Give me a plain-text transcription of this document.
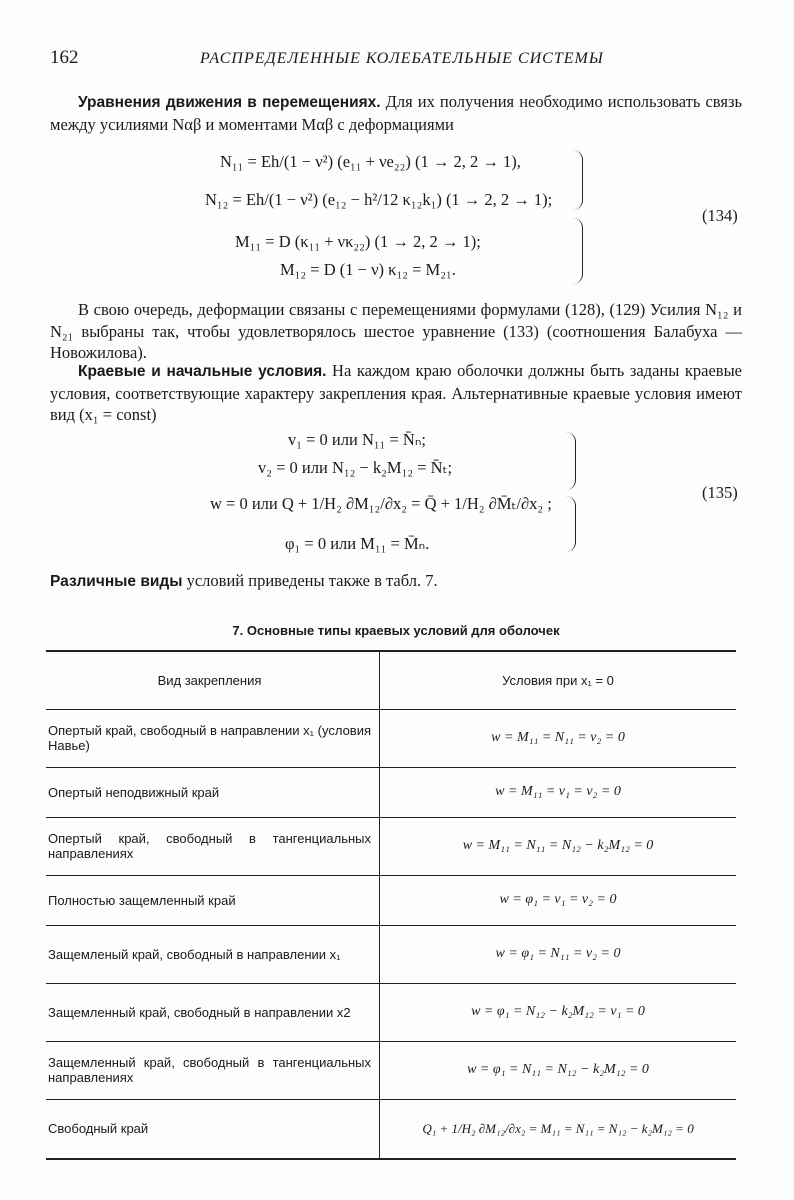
162	РАСПРЕДЕЛЕННЫЕ КОЛЕБАТЕЛЬНЫЕ СИСТЕМЫ
Уравнения движения в перемещениях. Для их получения необходимо использовать связь между усилиями Nαβ и моментами Mαβ с деформациями
N₁₁ = Eh/(1 − ν²) (e₁₁ + νe₂₂) (1 → 2, 2 → 1),
N₁₂ = Eh/(1 − ν²) (e₁₂ − h²/12 κ₁₂k₁) (1 → 2, 2 → 1);
M₁₁ = D (κ₁₁ + νκ₂₂) (1 → 2, 2 → 1);
M₁₂ = D (1 − ν) κ₁₂ = M₂₁.
(134)
В свою очередь, деформации связаны с перемещениями формулами (128), (129) Усилия N₁₂ и N₂₁ выбраны так, чтобы удовлетворялось шестое уравнение (133) (соотношения Балабуха — Новожилова).
Краевые и начальные условия. На каждом краю оболочки должны быть заданы краевые условия, соответствующие характеру закрепления края. Альтернативные краевые условия имеют вид (x₁ = const)
v₁ = 0 или N₁₁ = N̄ₙ;
v₂ = 0 или N₁₂ − k₂M₁₂ = N̄ₜ;
w = 0 или Q + 1/H₂ ∂M₁₂/∂x₂ = Q̄ + 1/H₂ ∂M̄ₜ/∂x₂ ;
φ₁ = 0 или M₁₁ = M̄ₙ.
(135)
Различные виды условий приведены также в табл. 7.
7. Основные типы краевых условий для оболочек
Вид закрепления	Условия при x₁ = 0
Опертый край, свободный в направлении x₁ (условия Навье)	w = M₁₁ = N₁₁ = v₂ = 0
Опертый неподвижный край	w = M₁₁ = v₁ = v₂ = 0
Опертый край, свободный в тангенциальных направлениях	w = M₁₁ = N₁₁ = N₁₂ − k₂M₁₂ = 0
Полностью защемленный край	w = φ₁ = v₁ = v₂ = 0
Защемленый край, свободный в направлении x₁	w = φ₁ = N₁₁ = v₂ = 0
Защемленный край, свободный в направлении x2	w = φ₁ = N₁₂ − k₂M₁₂ = v₁ = 0
Защемленный край, свободный в тангенциальных направлениях	w = φ₁ = N₁₁ = N₁₂ − k₂M₁₂ = 0
Свободный край	Q₁ + 1/H₂ ∂M₁₂/∂x₂ = M₁₁ = N₁₁ = N₁₂ − k₂M₁₂ = 0
